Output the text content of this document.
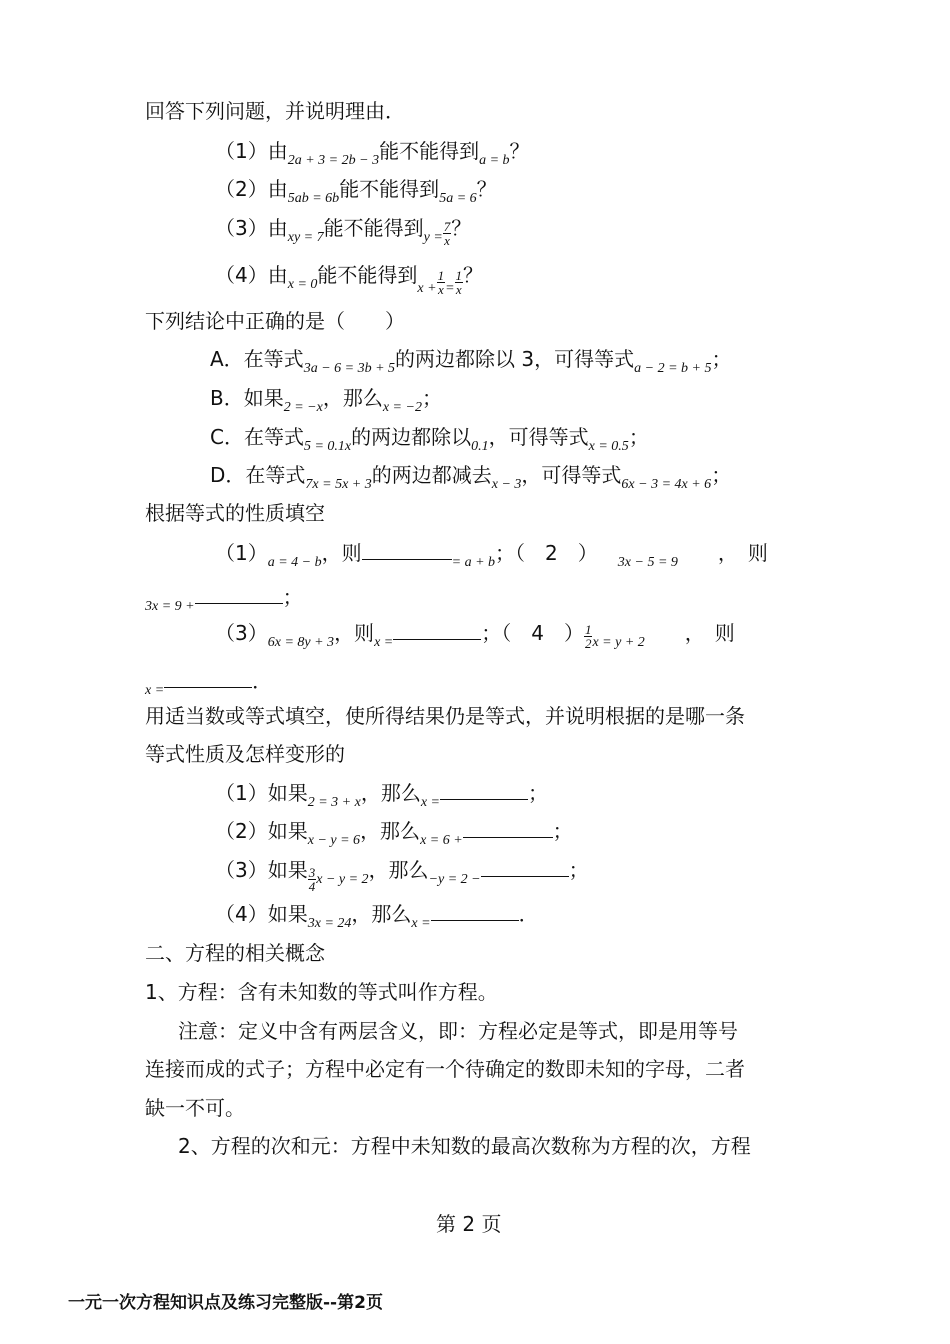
回答下列问题，并说明理由．
（1）由$_{2a + 3 = 2b - 3}$能不能得到$_{a = b}$？
（2）由$_{5ab = 6b}$能不能得到$_{5a = 6}$？
（3）由$_{xy = 7}$能不能得到$_{y =} \frac{7}{x}$ ？
（4）由$_{x = 0}$能不能得到$_{x +} \frac{1}{x} _= \frac{1}{x}$ ？
下列结论中正确的是（　　）
A．在等式$_{3a - 6 = 3b + 5}$的两边都除以 3，可得等式$_{a - 2 = b + 5}$；
B．如果$_{2 = -x}$，那么$_{x = -2}$；
C．在等式$_{5 = 0.1x}$的两边都除以$_{0.1}$，可得等式$_{x = 0.5}$；
D．在等式$_{7x = 5x + 3}$的两边都减去$_{x - 3}$，可得等式$_{6x - 3 = 4x + 6}$；
根据等式的性质填空
$(1)_{a = 4 - b}$，则	$_{= a + b}$；（　2　）  $_{3x - 5 = 9}$   ，　则
$_{3x = 9 +}$	；
$(3)_{6x = 8y + 3}$，则$_{x =}$	；（　4　） $\frac{1}{2} _{x = y + 2}$   ，　则
$_{x =}$	．
用适当数或等式填空，使所得结果仍是等式，并说明根据的是哪一条
等式性质及怎样变形的
（1）如果$_{2 = 3 + x}$，那么$_{x =}$	；
（2）如果$_{x - y = 6}$，那么$_{x = 6 +}$	；
（3）如果 $\frac{3}{4} _{x - y = 2}$，那么$_{-y = 2 -}$	；
（4）如果$_{3x = 24}$，那么$_{x =}$	．
二、方程的相关概念
1、方程：含有未知数的等式叫作方程。
　注意：定义中含有两层含义，即：方程必定是等式，即是用等号
连接而成的式子；方程中必定有一个待确定的数即未知的字母，二者
缺一不可。
　2、方程的次和元：方程中未知数的最高次数称为方程的次，方程
第 2 页
一元一次方程知识点及练习完整版--第2页
